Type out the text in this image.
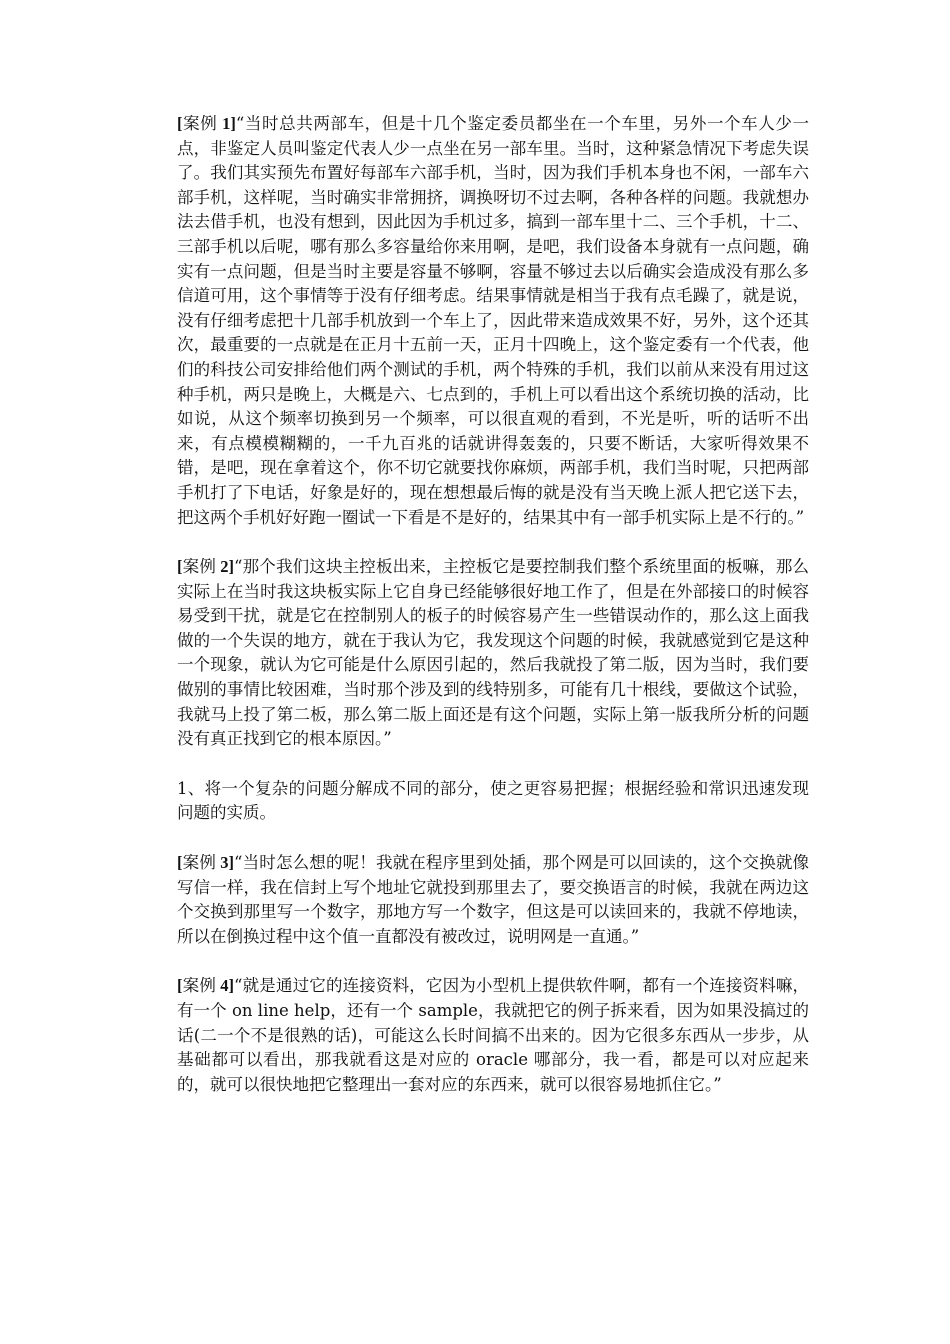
[案例 1]“当时总共两部车，但是十几个鉴定委员都坐在一个车里，另外一个车人少一点，非鉴定人员叫鉴定代表人少一点坐在另一部车里。当时，这种紧急情况下考虑失误了。我们其实预先布置好每部车六部手机，当时，因为我们手机本身也不闲，一部车六部手机，这样呢，当时确实非常拥挤，调换呀切不过去啊，各种各样的问题。我就想办法去借手机，也没有想到，因此因为手机过多，搞到一部车里十二、三个手机，十二、三部手机以后呢，哪有那么多容量给你来用啊，是吧，我们设备本身就有一点问题，确实有一点问题，但是当时主要是容量不够啊，容量不够过去以后确实会造成没有那么多信道可用，这个事情等于没有仔细考虑。结果事情就是相当于我有点毛躁了，就是说，没有仔细考虑把十几部手机放到一个车上了，因此带来造成效果不好，另外，这个还其次，最重要的一点就是在正月十五前一天，正月十四晚上，这个鉴定委有一个代表，他们的科技公司安排给他们两个测试的手机，两个特殊的手机，我们以前从来没有用过这种手机，两只是晚上，大概是六、七点到的，手机上可以看出这个系统切换的活动，比如说，从这个频率切换到另一个频率，可以很直观的看到，不光是听，听的话听不出来，有点模模糊糊的，一千九百兆的话就讲得轰轰的，只要不断话，大家听得效果不错，是吧，现在拿着这个，你不切它就要找你麻烦，两部手机，我们当时呢，只把两部手机打了下电话，好象是好的，现在想想最后悔的就是没有当天晚上派人把它送下去，把这两个手机好好跑一圈试一下看是不是好的，结果其中有一部手机实际上是不行的。”

[案例 2]“那个我们这块主控板出来，主控板它是要控制我们整个系统里面的板嘛，那么实际上在当时我这块板实际上它自身已经能够很好地工作了，但是在外部接口的时候容易受到干扰，就是它在控制别人的板子的时候容易产生一些错误动作的，那么这上面我做的一个失误的地方，就在于我认为它，我发现这个问题的时候，我就感觉到它是这种一个现象，就认为它可能是什么原因引起的，然后我就投了第二版，因为当时，我们要做别的事情比较困难，当时那个涉及到的线特别多，可能有几十根线，要做这个试验，我就马上投了第二板，那么第二版上面还是有这个问题，实际上第一版我所分析的问题没有真正找到它的根本原因。”

1、将一个复杂的问题分解成不同的部分，使之更容易把握；根据经验和常识迅速发现问题的实质。

[案例 3]“当时怎么想的呢！我就在程序里到处插，那个网是可以回读的，这个交换就像写信一样，我在信封上写个地址它就投到那里去了，要交换语言的时候，我就在两边这个交换到那里写一个数字，那地方写一个数字，但这是可以读回来的，我就不停地读，所以在倒换过程中这个值一直都没有被改过，说明网是一直通。”

[案例 4]“就是通过它的连接资料，它因为小型机上提供软件啊，都有一个连接资料嘛，有一个 on line help，还有一个 sample，我就把它的例子拆来看，因为如果没搞过的话(二一个不是很熟的话)，可能这么长时间搞不出来的。因为它很多东西从一步步，从基础都可以看出，那我就看这是对应的 oracle 哪部分，我一看，都是可以对应起来的，就可以很快地把它整理出一套对应的东西来，就可以很容易地抓住它。”
